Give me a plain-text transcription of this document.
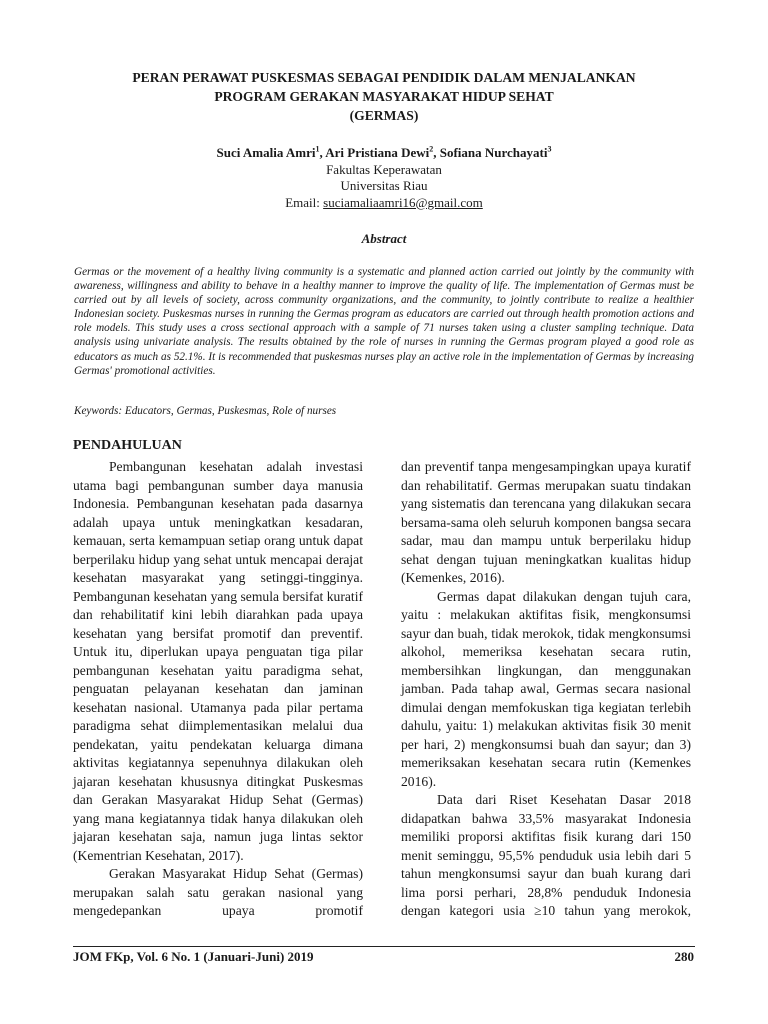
PERAN PERAWAT PUSKESMAS SEBAGAI PENDIDIK DALAM MENJALANKAN
PROGRAM GERAKAN MASYARAKAT HIDUP SEHAT
(GERMAS)
Suci Amalia Amri$^1$, Ari Pristiana Dewi$^2$, Sofiana Nurchayati$^3$
Fakultas Keperawatan
Universitas Riau
Email: suciamaliaamri16@gmail.com
Abstract

Germas or the movement of a healthy living community is a systematic and planned action carried out jointly by the community with awareness, willingness and ability to behave in a healthy manner to improve the quality of life. The implementation of Germas must be carried out by all levels of society, across community organizations, and the community, to jointly contribute to realize a healthier Indonesian society. Puskesmas nurses in running the Germas program as educators are carried out through health promotion actions and role models. This study uses a cross sectional approach with a sample of 71 nurses taken using a cluster sampling technique. Data analysis using univariate analysis. The results obtained by the role of nurses in running the Germas program played a good role as educators as much as 52.1%. It is recommended that puskesmas nurses play an active role in the implementation of Germas by increasing Germas' promotional activities.

Keywords: Educators, Germas, Puskesmas, Role of nurses

PENDAHULUAN

Pembangunan kesehatan adalah investasi utama bagi pembangunan sumber daya manusia Indonesia. Pembangunan kesehatan pada dasarnya adalah upaya untuk meningkatkan kesadaran, kemauan, serta kemampuan setiap orang untuk dapat berperilaku hidup yang sehat untuk mencapai derajat kesehatan masyarakat yang setinggi-tingginya. Pembangunan kesehatan yang semula bersifat kuratif dan rehabilitatif kini lebih diarahkan pada upaya kesehatan yang bersifat promotif dan preventif. Untuk itu, diperlukan upaya penguatan tiga pilar pembangunan kesehatan yaitu paradigma sehat, penguatan pelayanan kesehatan dan jaminan kesehatan nasional. Utamanya pada pilar pertama paradigma sehat diimplementasikan melalui dua pendekatan, yaitu pendekatan keluarga dimana aktivitas kegiatannya sepenuhnya dilakukan oleh jajaran kesehatan khususnya ditingkat Puskesmas dan Gerakan Masyarakat Hidup Sehat (Germas) yang mana kegiatannya tidak hanya dilakukan oleh jajaran kesehatan saja, namun juga lintas sektor (Kementrian Kesehatan, 2017).

Gerakan Masyarakat Hidup Sehat (Germas) merupakan salah satu gerakan nasional yang mengedepankan upaya promotif

dan preventif tanpa mengesampingkan upaya kuratif dan rehabilitatif. Germas merupakan suatu tindakan yang sistematis dan terencana yang dilakukan secara bersama-sama oleh seluruh komponen bangsa secara sadar, mau dan mampu untuk berperilaku hidup sehat dengan tujuan meningkatkan kualitas hidup (Kemenkes, 2016).

Germas dapat dilakukan dengan tujuh cara, yaitu : melakukan aktifitas fisik, mengkonsumsi sayur dan buah, tidak merokok, tidak mengkonsumsi alkohol, memeriksa kesehatan secara rutin, membersihkan lingkungan, dan menggunakan jamban. Pada tahap awal, Germas secara nasional dimulai dengan memfokuskan tiga kegiatan terlebih dahulu, yaitu: 1) melakukan aktivitas fisik 30 menit per hari, 2) mengkonsumsi buah dan sayur; dan 3) memeriksakan kesehatan secara rutin (Kemenkes 2016).

Data dari Riset Kesehatan Dasar 2018 didapatkan bahwa 33,5% masyarakat Indonesia memiliki proporsi aktifitas fisik kurang dari 150 menit seminggu, 95,5% penduduk usia lebih dari 5 tahun mengkonsumsi sayur dan buah kurang dari lima porsi perhari, 28,8% penduduk Indonesia dengan kategori usia ≥10 tahun yang merokok,

JOM FKp, Vol. 6 No. 1 (Januari-Juni) 2019	280
